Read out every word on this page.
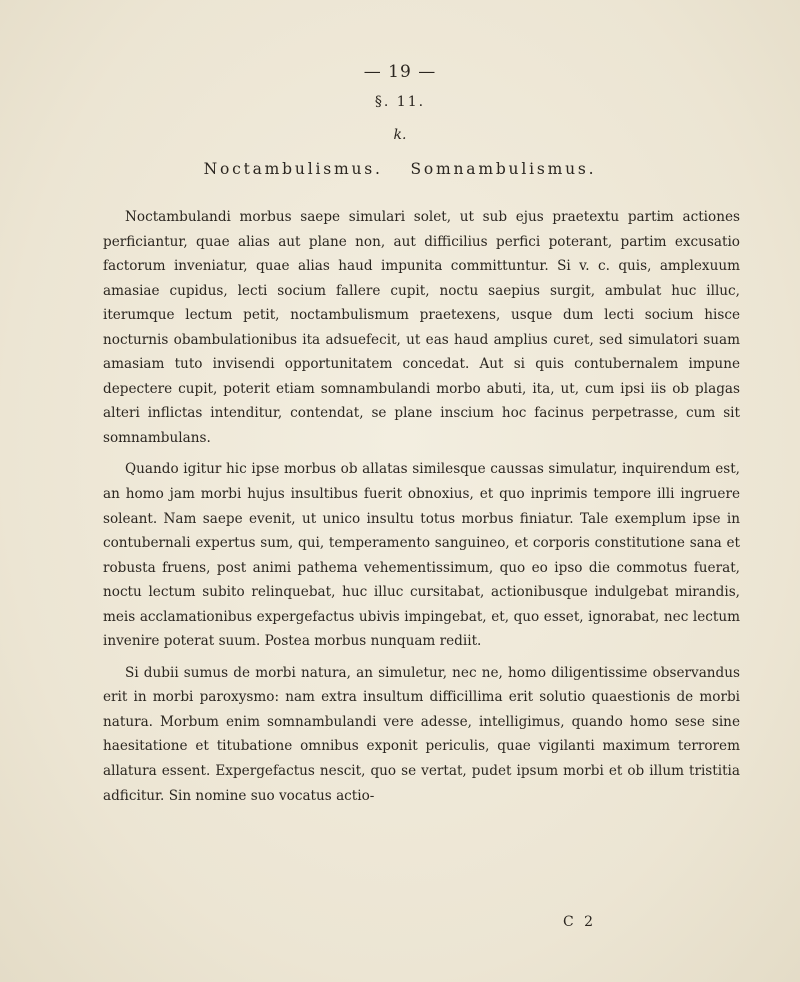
— 19 —
§. 11.
k.
Noctambulismus. Somnambulismus.

Noctambulandi morbus saepe simulari solet, ut sub ejus praetextu partim actiones perficiantur, quae alias aut plane non, aut difficilius perfici poterant, partim excusatio factorum inveniatur, quae alias haud impunita committuntur. Si v. c. quis, amplexuum amasiae cupidus, lecti socium fallere cupit, noctu saepius surgit, ambulat huc illuc, iterumque lectum petit, noctambulismum praetexens, usque dum lecti socium hisce nocturnis obambulationibus ita adsuefecit, ut eas haud amplius curet, sed simulatori suam amasiam tuto invisendi opportunitatem concedat. Aut si quis contubernalem impune depectere cupit, poterit etiam somnambulandi morbo abuti, ita, ut, cum ipsi iis ob plagas alteri inflictas intenditur, contendat, se plane inscium hoc facinus perpetrasse, cum sit somnambulans.

Quando igitur hic ipse morbus ob allatas similesque caussas simulatur, inquirendum est, an homo jam morbi hujus insultibus fuerit obnoxius, et quo inprimis tempore illi ingruere soleant. Nam saepe evenit, ut unico insultu totus morbus finiatur. Tale exemplum ipse in contubernali expertus sum, qui, temperamento sanguineo, et corporis constitutione sana et robusta fruens, post animi pathema vehementissimum, quo eo ipso die commotus fuerat, noctu lectum subito relinquebat, huc illuc cursitabat, actionibusque indulgebat mirandis, meis acclamationibus expergefactus ubivis impingebat, et, quo esset, ignorabat, nec lectum invenire poterat suum. Postea morbus nunquam rediit.

Si dubii sumus de morbi natura, an simuletur, nec ne, homo diligentissime observandus erit in morbi paroxysmo: nam extra insultum difficillima erit solutio quaestionis de morbi natura. Morbum enim somnambulandi vere adesse, intelligimus, quando homo sese sine haesitatione et titubatione omnibus exponit periculis, quae vigilanti maximum terrorem allatura essent. Expergefactus nescit, quo se vertat, pudet ipsum morbi et ob illum tristitia adficitur. Sin nomine suo vocatus actio-

C 2
